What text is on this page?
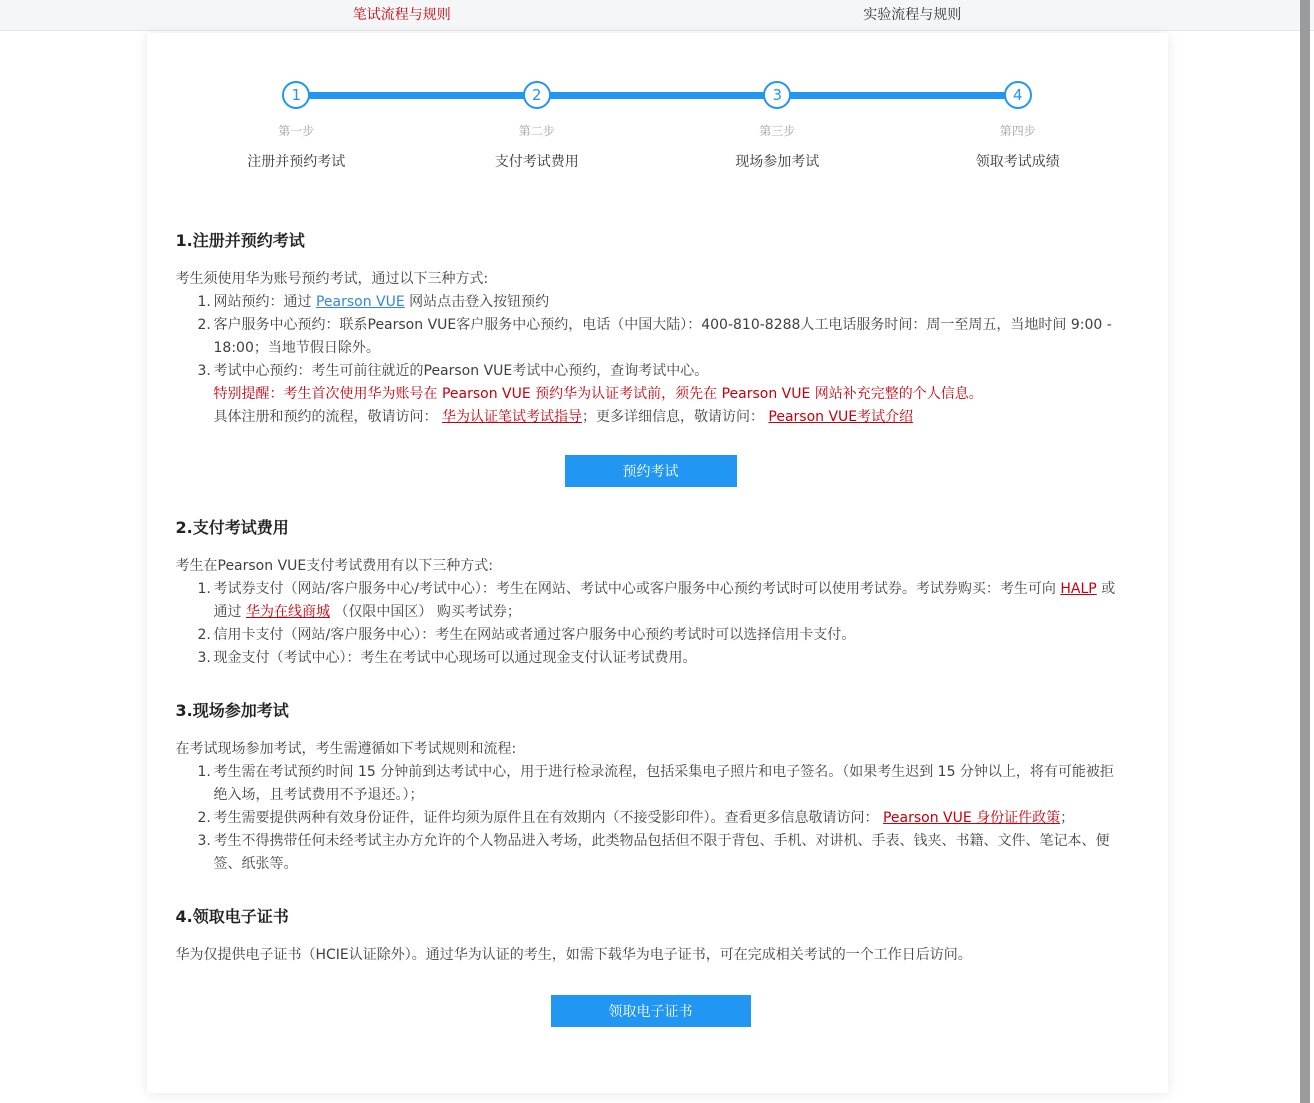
笔试流程与规则	实验流程与规则
1
第一步
注册并预约考试
2
第二步
支付考试费用
3
第三步
现场参加考试
4
第四步
领取考试成绩
1.注册并预约考试

考生须使用华为账号预约考试，通过以下三种方式:

1. 网站预约：通过 Pearson VUE 网站点击登入按钮预约
2. 客户服务中心预约：联系Pearson VUE客户服务中心预约，电话（中国大陆）：400-810-8288人工电话服务时间：周一至周五，当地时间 9:00 - 18:00；当地节假日除外。
3. 考试中心预约：考生可前往就近的Pearson VUE考试中心预约，查询考试中心。
特别提醒：考生首次使用华为账号在 Pearson VUE 预约华为认证考试前，须先在 Pearson VUE 网站补充完整的个人信息。
具体注册和预约的流程，敬请访问： 华为认证笔试考试指导；更多详细信息，敬请访问： Pearson VUE考试介绍
预约考试
2.支付考试费用

考生在Pearson VUE支付考试费用有以下三种方式:

1. 考试券支付（网站/客户服务中心/考试中心）：考生在网站、考试中心或客户服务中心预约考试时可以使用考试券。考试券购买：考生可向 HALP 或通过 华为在线商城 （仅限中国区） 购买考试券；
2. 信用卡支付（网站/客户服务中心）：考生在网站或者通过客户服务中心预约考试时可以选择信用卡支付。
3. 现金支付（考试中心）：考生在考试中心现场可以通过现金支付认证考试费用。
3.现场参加考试

在考试现场参加考试，考生需遵循如下考试规则和流程:

1. 考生需在考试预约时间 15 分钟前到达考试中心，用于进行检录流程，包括采集电子照片和电子签名。（如果考生迟到 15 分钟以上，将有可能被拒绝入场，且考试费用不予退还。）；
2. 考生需要提供两种有效身份证件，证件均须为原件且在有效期内（不接受影印件）。查看更多信息敬请访问： Pearson VUE 身份证件政策；
3. 考生不得携带任何未经考试主办方允许的个人物品进入考场，此类物品包括但不限于背包、手机、对讲机、手表、钱夹、书籍、文件、笔记本、便签、纸张等。
4.领取电子证书

华为仅提供电子证书（HCIE认证除外）。通过华为认证的考生，如需下载华为电子证书，可在完成相关考试的一个工作日后访问。

领取电子证书
